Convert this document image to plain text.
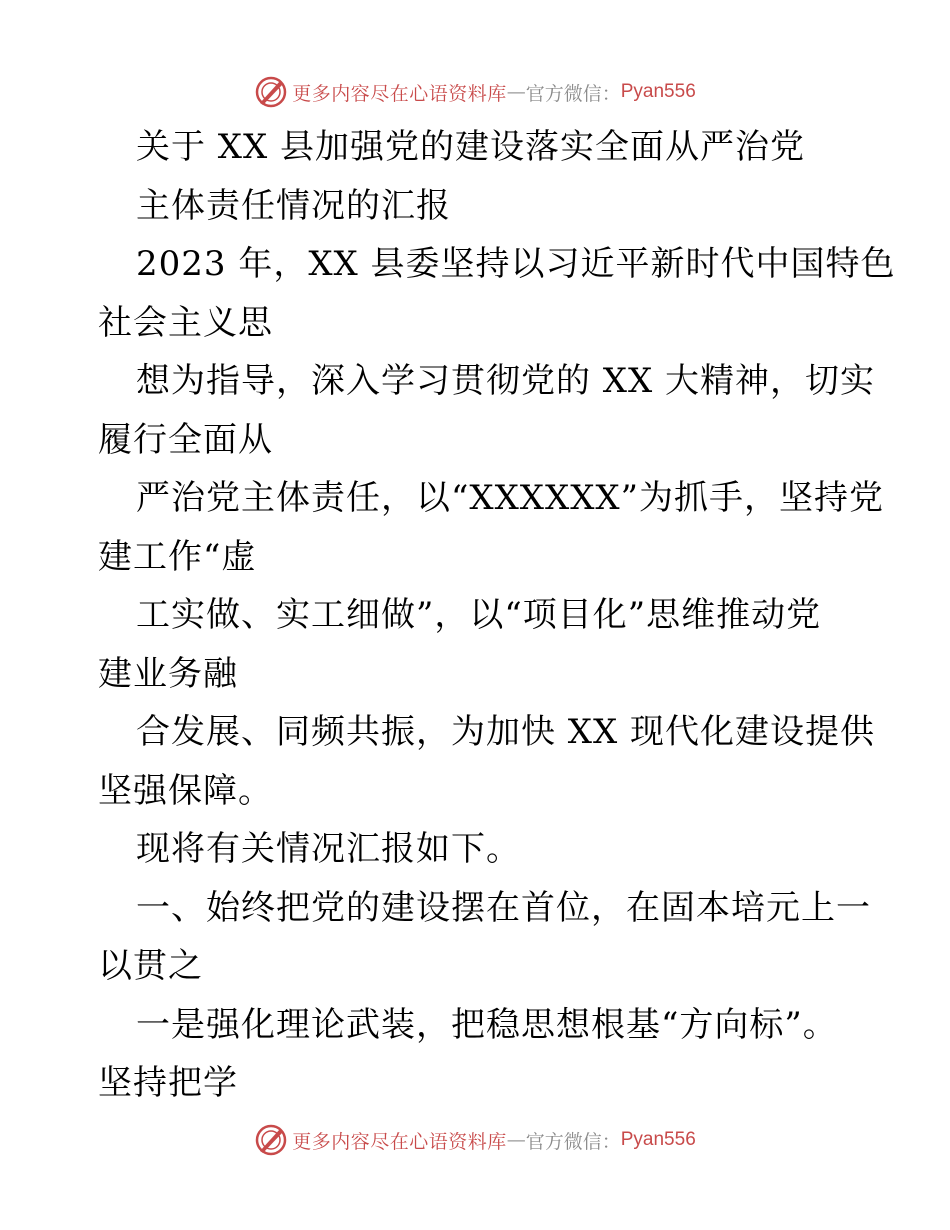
更多内容尽在心语资料库 — 官方微信： Pyan556
关于 XX 县加强党的建设落实全面从严治党
主体责任情况的汇报
2023 年，XX 县委坚持以习近平新时代中国特色
社会主义思
想为指导，深入学习贯彻党的 XX 大精神，切实
履行全面从
严治党主体责任，以“XXXXXX”为抓手，坚持党
建工作“虚
工实做、实工细做”，以“项目化”思维推动党
建业务融
合发展、同频共振，为加快 XX 现代化建设提供
坚强保障。
现将有关情况汇报如下。
一、始终把党的建设摆在首位，在固本培元上一
以贯之
一是强化理论武装，把稳思想根基“方向标”。
坚持把学
更多内容尽在心语资料库 — 官方微信： Pyan556
